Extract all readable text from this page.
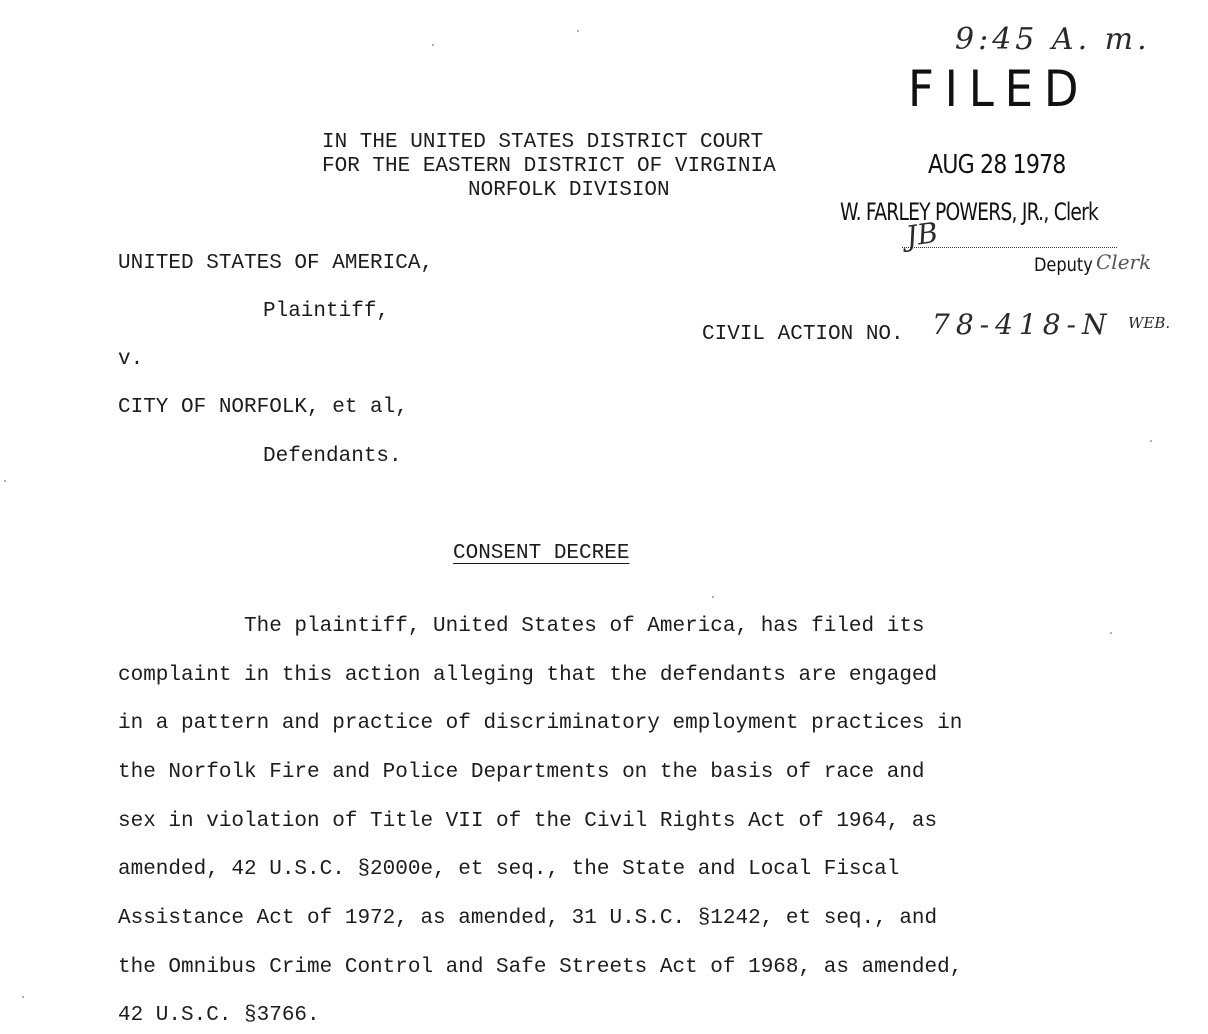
9:45 A. m.
FILED
AUG 28 1978
W. FARLEY POWERS, JR., Clerk
JB
Deputy Clerk
IN THE UNITED STATES DISTRICT COURT
FOR THE EASTERN DISTRICT OF VIRGINIA
NORFOLK DIVISION
UNITED STATES OF AMERICA,
Plaintiff,
CIVIL ACTION NO. 78-418-N WEB.
v.
CITY OF NORFOLK, et al,
Defendants.
CONSENT DECREE
The plaintiff, United States of America, has filed its
complaint in this action alleging that the defendants are engaged
in a pattern and practice of discriminatory employment practices in
the Norfolk Fire and Police Departments on the basis of race and
sex in violation of Title VII of the Civil Rights Act of 1964, as
amended, 42 U.S.C. §2000e, et seq., the State and Local Fiscal
Assistance Act of 1972, as amended, 31 U.S.C. §1242, et seq., and
the Omnibus Crime Control and Safe Streets Act of 1968, as amended,
42 U.S.C. §3766.
